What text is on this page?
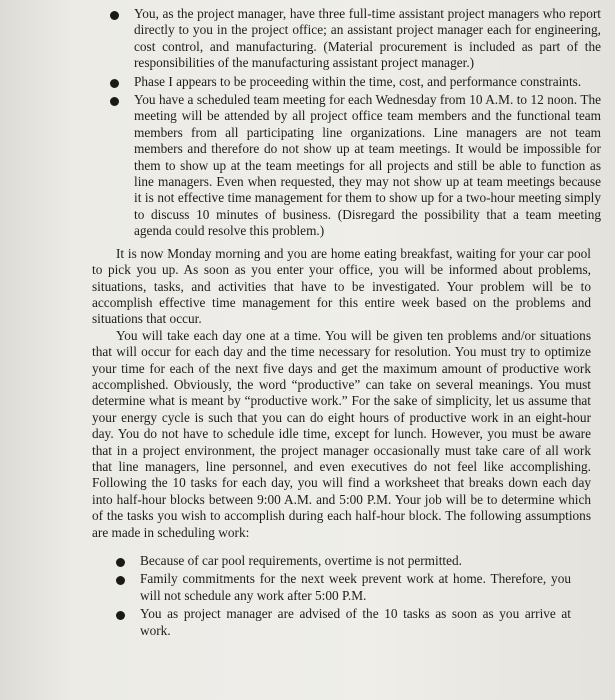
You, as the project manager, have three full-time assistant project managers who report directly to you in the project office; an assistant project manager each for engineering, cost control, and manufacturing. (Material procurement is included as part of the responsibilities of the manufacturing assistant project manager.)

Phase I appears to be proceeding within the time, cost, and performance constraints.

You have a scheduled team meeting for each Wednesday from 10 A.M. to 12 noon. The meeting will be attended by all project office team members and the functional team members from all participating line organizations. Line managers are not team members and therefore do not show up at team meetings. It would be impossible for them to show up at the team meetings for all projects and still be able to function as line managers. Even when requested, they may not show up at team meetings because it is not effective time management for them to show up for a two-hour meeting simply to discuss 10 minutes of business. (Disregard the possibility that a team meeting agenda could resolve this problem.)

It is now Monday morning and you are home eating breakfast, waiting for your car pool to pick you up. As soon as you enter your office, you will be informed about problems, situations, tasks, and activities that have to be investigated. Your problem will be to accomplish effective time management for this entire week based on the problems and situations that occur.

You will take each day one at a time. You will be given ten problems and/or situations that will occur for each day and the time necessary for resolution. You must try to optimize your time for each of the next five days and get the maximum amount of productive work accomplished. Obviously, the word “productive” can take on several meanings. You must determine what is meant by “productive work.” For the sake of simplicity, let us assume that your energy cycle is such that you can do eight hours of productive work in an eight-hour day. You do not have to schedule idle time, except for lunch. However, you must be aware that in a project environment, the project manager occasionally must take care of all work that line managers, line personnel, and even executives do not feel like accomplishing. Following the 10 tasks for each day, you will find a worksheet that breaks down each day into half-hour blocks between 9:00 A.M. and 5:00 P.M. Your job will be to determine which of the tasks you wish to accomplish during each half-hour block. The following assumptions are made in scheduling work:

Because of car pool requirements, overtime is not permitted.

Family commitments for the next week prevent work at home. Therefore, you will not schedule any work after 5:00 P.M.

You as project manager are advised of the 10 tasks as soon as you arrive at work.
